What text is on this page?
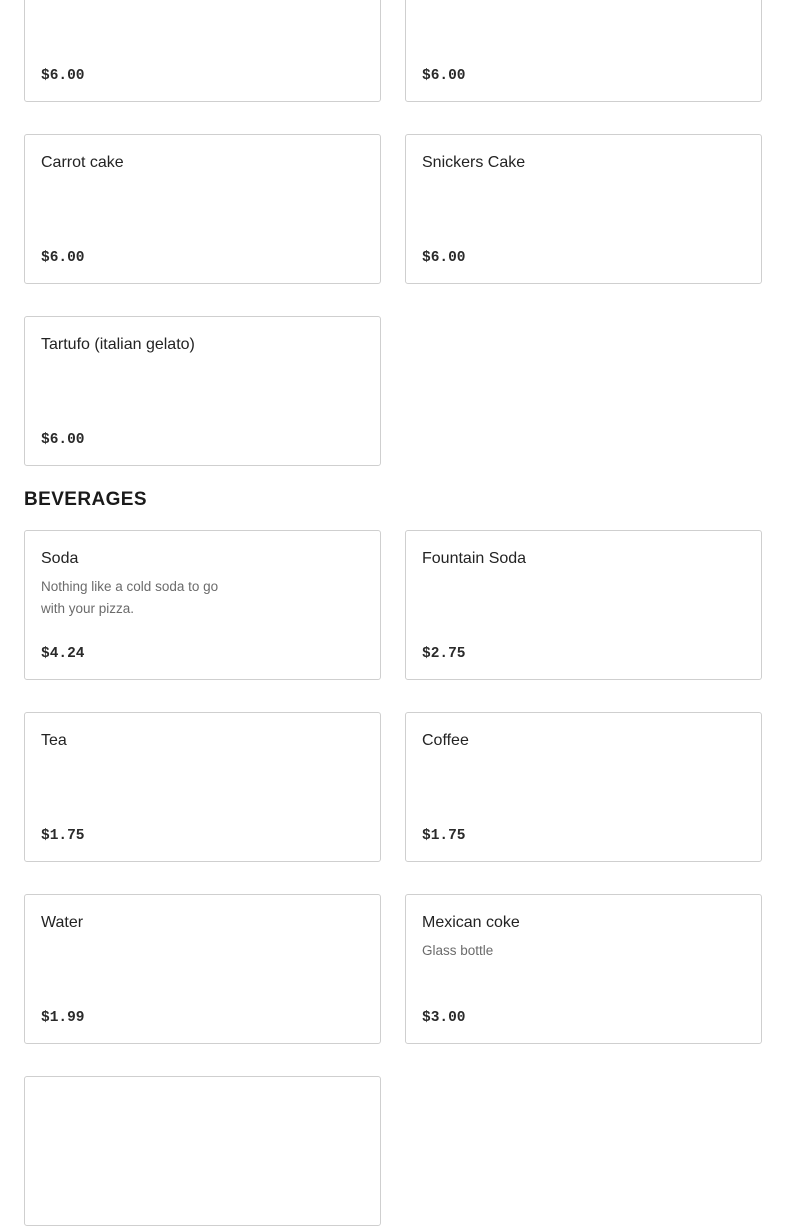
$6.00	$6.00
Carrot cake
$6.00
Snickers Cake
$6.00
Tartufo (italian gelato)
$6.00
BEVERAGES
Soda
Nothing like a cold soda to go with your pizza.
$4.24
Fountain Soda
$2.75
Tea
$1.75
Coffee
$1.75
Water
$1.99
Mexican coke
Glass bottle
$3.00
